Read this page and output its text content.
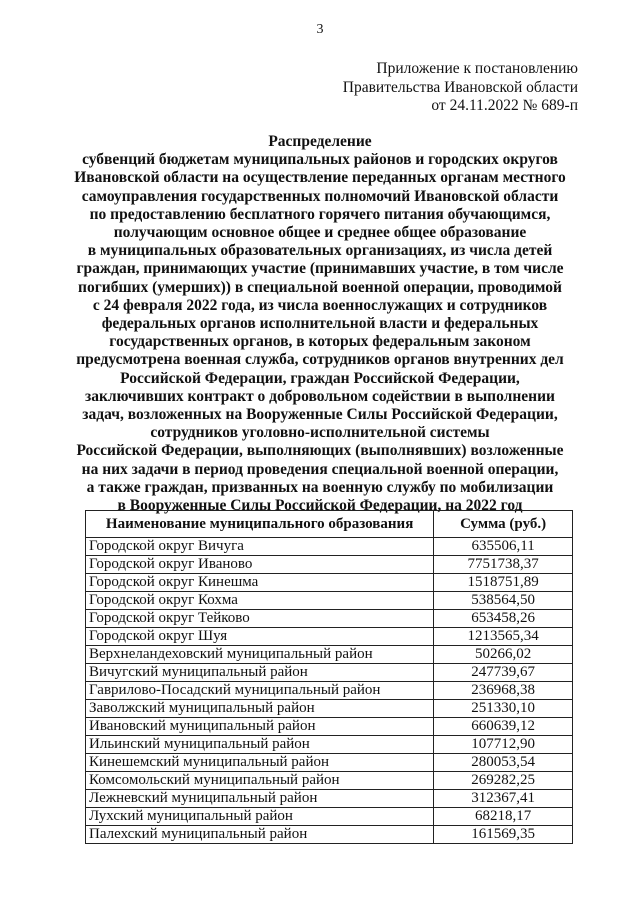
3
Приложение к постановлению
Правительства Ивановской области
от 24.11.2022 № 689-п
Распределение
субвенций бюджетам муниципальных районов и городских округов
Ивановской области на осуществление переданных органам местного
самоуправления государственных полномочий Ивановской области
по предоставлению бесплатного горячего питания обучающимся,
получающим основное общее и среднее общее образование
в муниципальных образовательных организациях, из числа детей
граждан, принимающих участие (принимавших участие, в том числе
погибших (умерших)) в специальной военной операции, проводимой
с 24 февраля 2022 года, из числа военнослужащих и сотрудников
федеральных органов исполнительной власти и федеральных
государственных органов, в которых федеральным законом
предусмотрена военная служба, сотрудников органов внутренних дел
Российской Федерации, граждан Российской Федерации,
заключивших контракт о добровольном содействии в выполнении
задач, возложенных на Вооруженные Силы Российской Федерации,
сотрудников уголовно-исполнительной системы
Российской Федерации, выполняющих (выполнявших) возложенные
на них задачи в период проведения специальной военной операции,
а также граждан, призванных на военную службу по мобилизации
в Вооруженные Силы Российской Федерации, на 2022 год
Наименование муниципального образования	Сумма (руб.)
Городской округ Вичуга	635506,11
Городской округ Иваново	7751738,37
Городской округ Кинешма	1518751,89
Городской округ Кохма	538564,50
Городской округ Тейково	653458,26
Городской округ Шуя	1213565,34
Верхнеландеховский муниципальный район	50266,02
Вичугский муниципальный район	247739,67
Гаврилово-Посадский муниципальный район	236968,38
Заволжский муниципальный район	251330,10
Ивановский муниципальный район	660639,12
Ильинский муниципальный район	107712,90
Кинешемский муниципальный район	280053,54
Комсомольский муниципальный район	269282,25
Лежневский муниципальный район	312367,41
Лухский муниципальный район	68218,17
Палехский муниципальный район	161569,35
